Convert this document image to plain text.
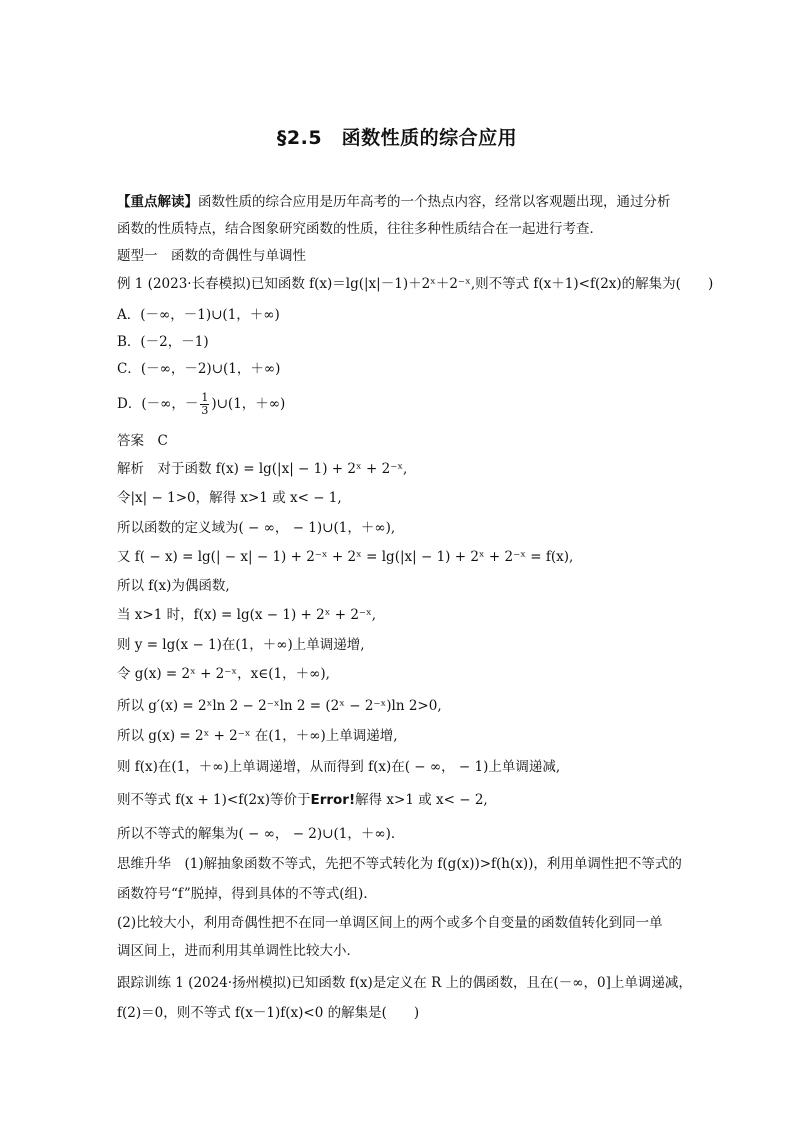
§2.5　函数性质的综合应用
【重点解读】函数性质的综合应用是历年高考的一个热点内容，经常以客观题出现，通过分析
函数的性质特点，结合图象研究函数的性质，往往多种性质结合在一起进行考查．
题型一　函数的奇偶性与单调性
例 1 (2023·长春模拟)已知函数 f(x)＝lg(|x|－1)＋2ˣ＋2⁻ˣ,则不等式 f(x＋1)<f(2x)的解集为(　　)
A．(－∞，－1)∪(1，＋∞)
B．(－2，－1)
C．(－∞，－2)∪(1，＋∞)
D．(－∞，－ $\frac{1}{3}$ )∪(1，＋∞)
答案　C
解析　对于函数 f(x) = lg(|x| − 1) + 2ˣ + 2⁻ˣ,
令|x| − 1>0，解得 x>1 或 x< − 1,
所以函数的定义域为( − ∞， − 1)∪(1，＋∞),
又 f( − x) = lg(| − x| − 1) + 2⁻ˣ + 2ˣ = lg(|x| − 1) + 2ˣ + 2⁻ˣ = f(x),
所以 f(x)为偶函数,
当 x>1 时，f(x) = lg(x − 1) + 2ˣ + 2⁻ˣ,
则 y = lg(x − 1)在(1，＋∞)上单调递增,
令 g(x) = 2ˣ + 2⁻ˣ，x∈(1，＋∞),
所以 g′(x) = 2ˣln 2 − 2⁻ˣln 2 = (2ˣ − 2⁻ˣ)ln 2>0,
所以 g(x) = 2ˣ + 2⁻ˣ 在(1，＋∞)上单调递增,
则 f(x)在(1，＋∞)上单调递增，从而得到 f(x)在( − ∞， − 1)上单调递减,
则不等式 f(x + 1)<f(2x)等价于Error!解得 x>1 或 x< − 2,
所以不等式的解集为( − ∞， − 2)∪(1，＋∞)．
思维升华　(1)解抽象函数不等式，先把不等式转化为 f(g(x))>f(h(x))，利用单调性把不等式的
函数符号“f”脱掉，得到具体的不等式(组)．
(2)比较大小，利用奇偶性把不在同一单调区间上的两个或多个自变量的函数值转化到同一单
调区间上，进而利用其单调性比较大小．
跟踪训练 1 (2024·扬州模拟)已知函数 f(x)是定义在 R 上的偶函数，且在(－∞，0]上单调递减，
f(2)＝0，则不等式 f(x－1)f(x)<0 的解集是(　　)
